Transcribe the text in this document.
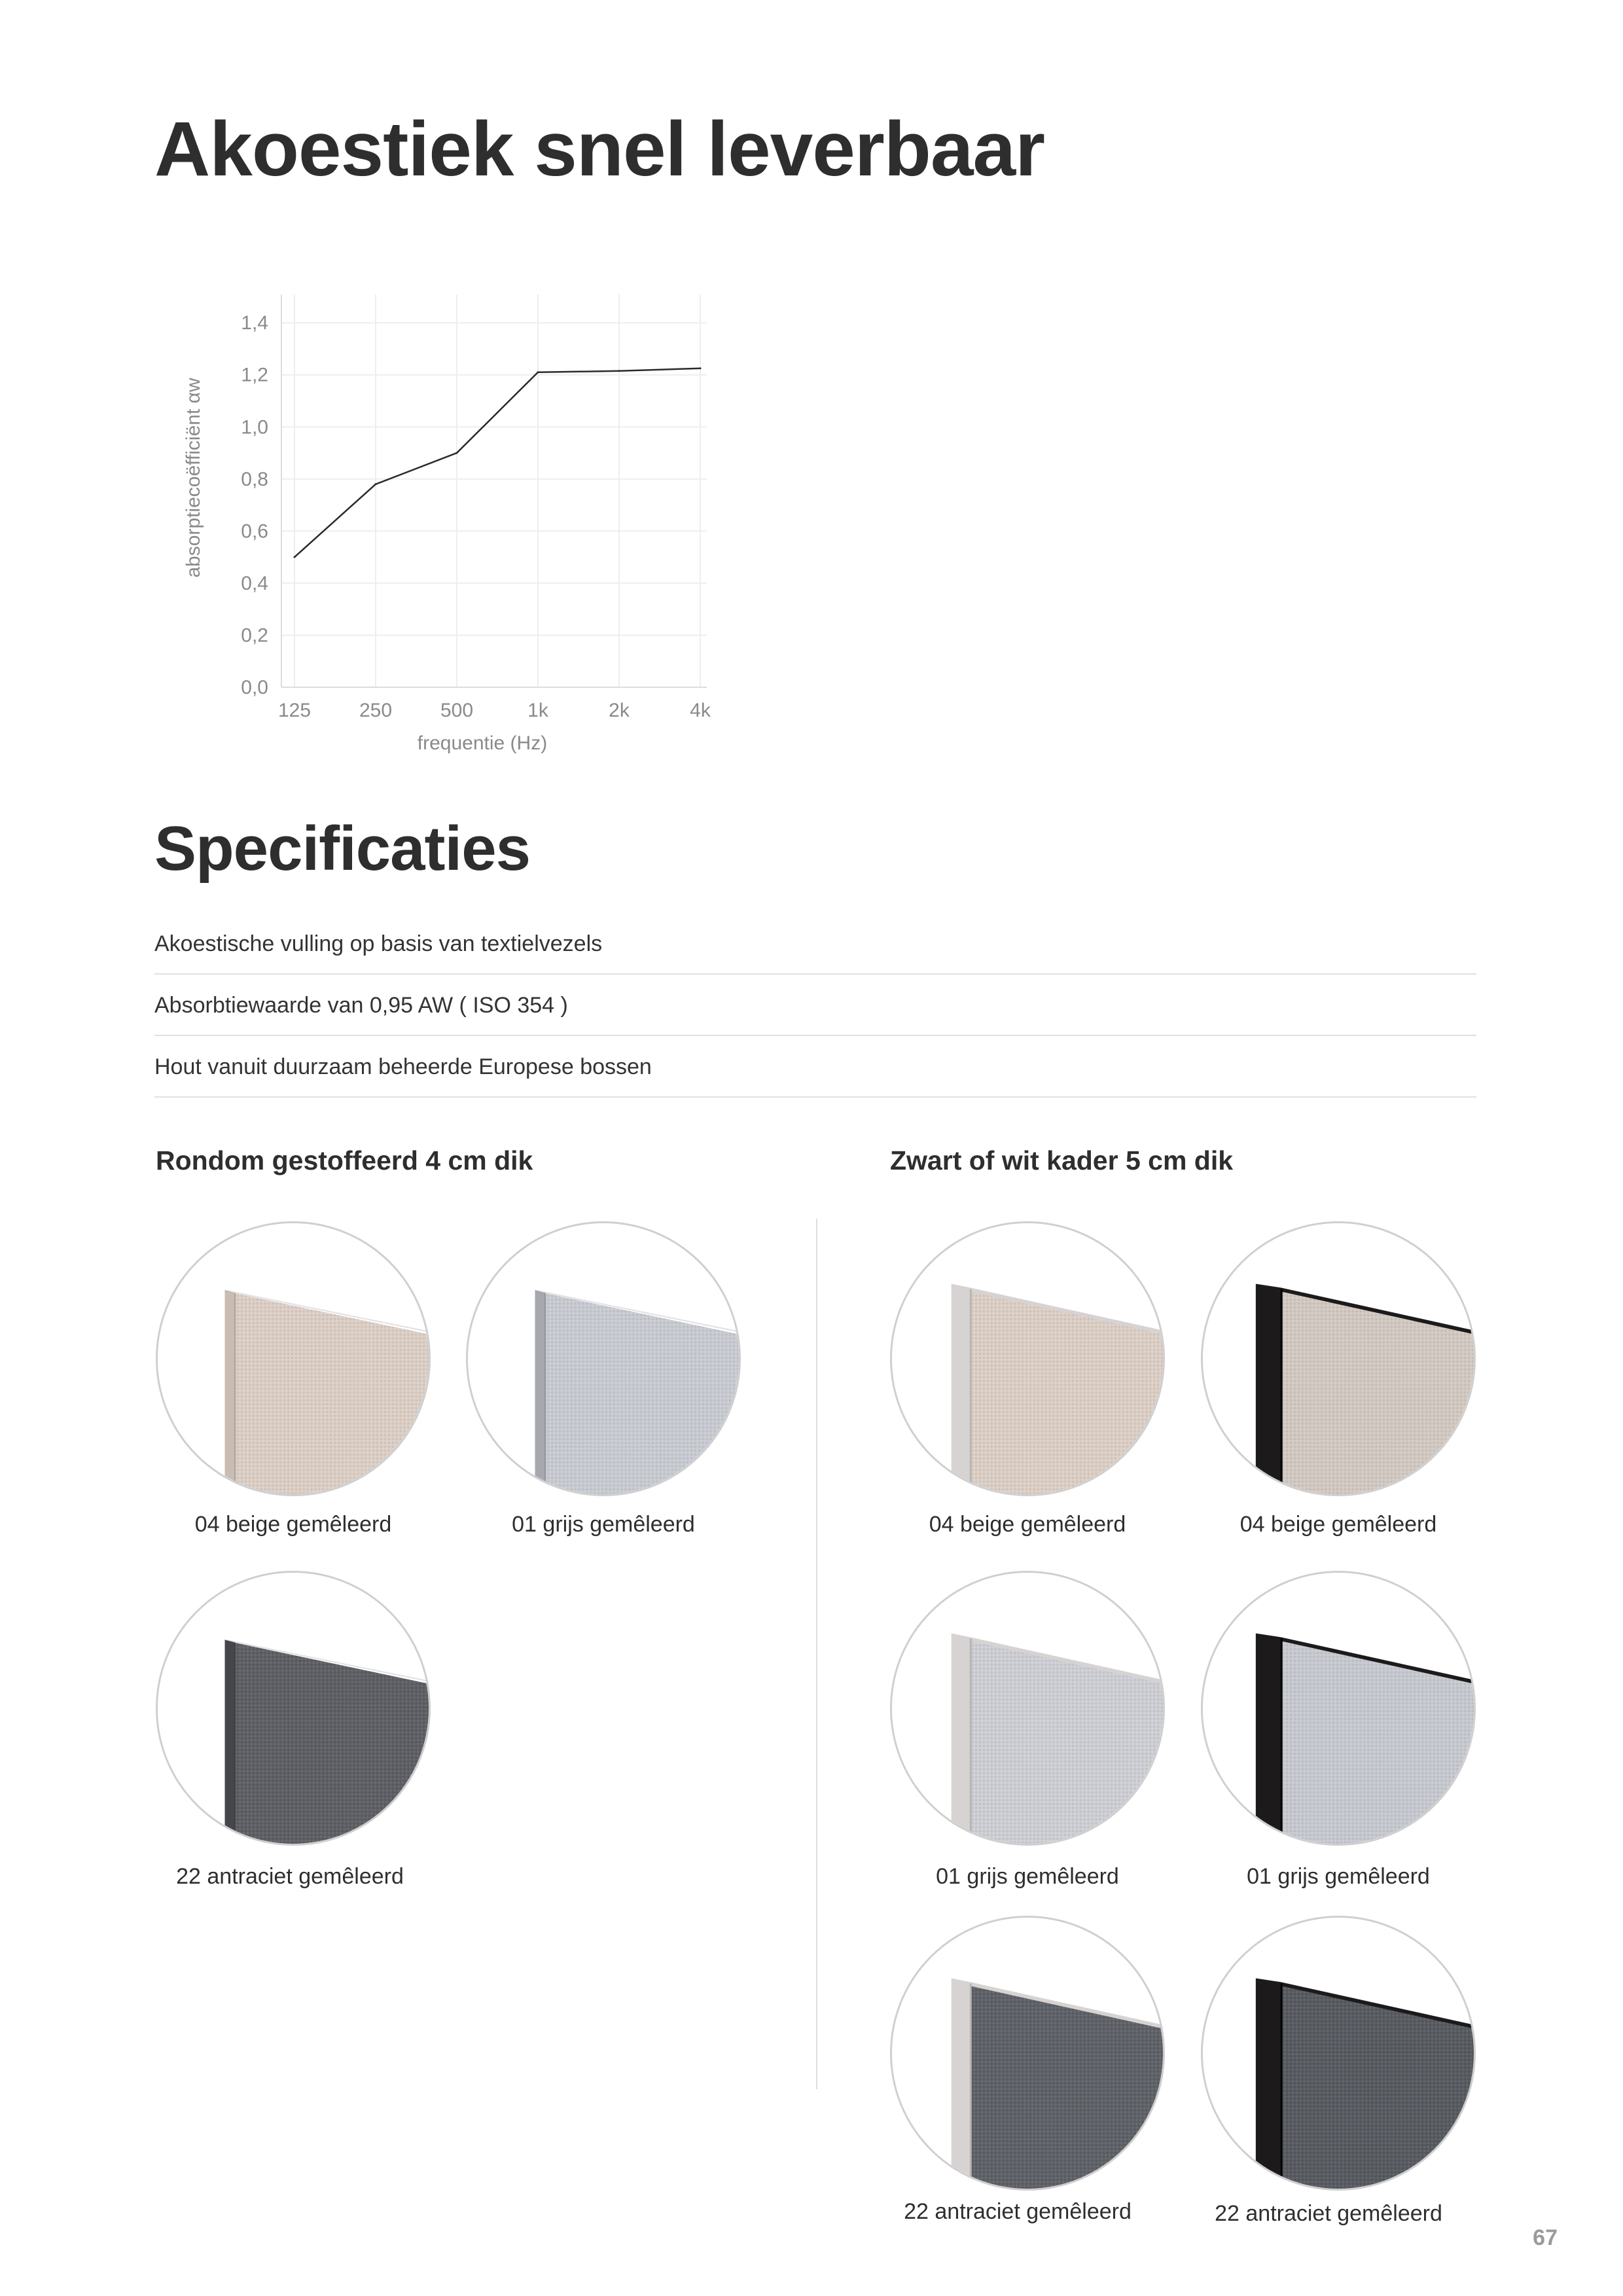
Akoestiek snel leverbaar
0,0
0,2
0,4
0,6
0,8
1,0
1,2
1,4
125 250 500	1k	2k	4k
absorptiecoëfficiënt αw
frequentie (Hz)
Specificaties
Akoestische vulling op basis van textielvezels
Absorbtiewaarde van 0,95 AW ( ISO 354 )
Hout vanuit duurzaam beheerde Europese bossen
Rondom gestoffeerd 4 cm dik	Zwart of wit kader 5 cm dik
04 beige gemêleerd	01 grijs gemêleerd
22 antraciet gemêleerd
04 beige gemêleerd	04 beige gemêleerd
01 grijs gemêleerd	01 grijs gemêleerd
22 antraciet gemêleerd	22 antraciet gemêleerd
67
